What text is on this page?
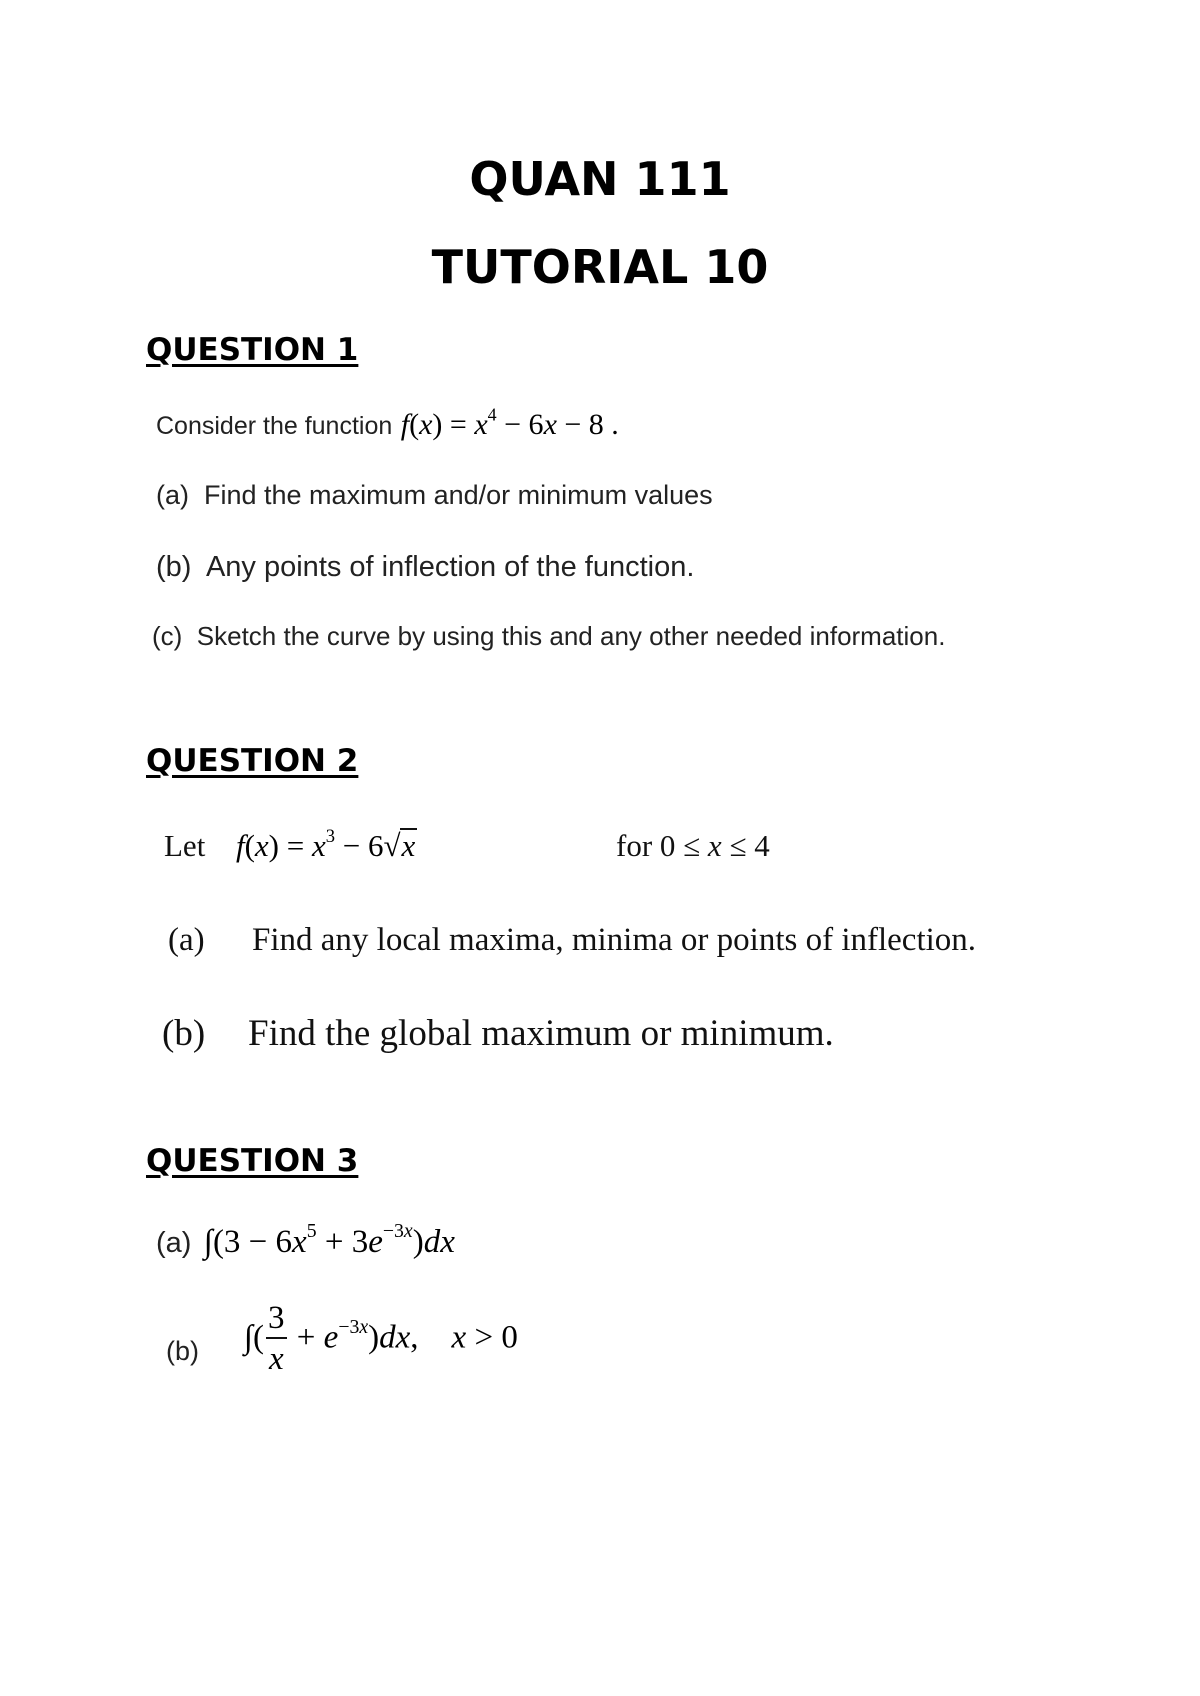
QUAN 111
TUTORIAL 10
QUESTION 1
Consider the function $f(x) = x^4 - 6x - 8$ .
(a)  Find the maximum and/or minimum values
(b)  Any points of inflection of the function.
(c)  Sketch the curve by using this and any other needed information.
QUESTION 2
Let $f(x) = x^3 - 6√x$	for 0 ≤ x ≤ 4
(a) Find any local maxima, minima or points of inflection.
(b) Find the global maximum or minimum.
QUESTION 3
(a) $\int(3 - 6x^5 + 3e^{-3x})dx$
(b) ∫( $\frac{3}{x} + e^{-3x})dx$,    x > 0
